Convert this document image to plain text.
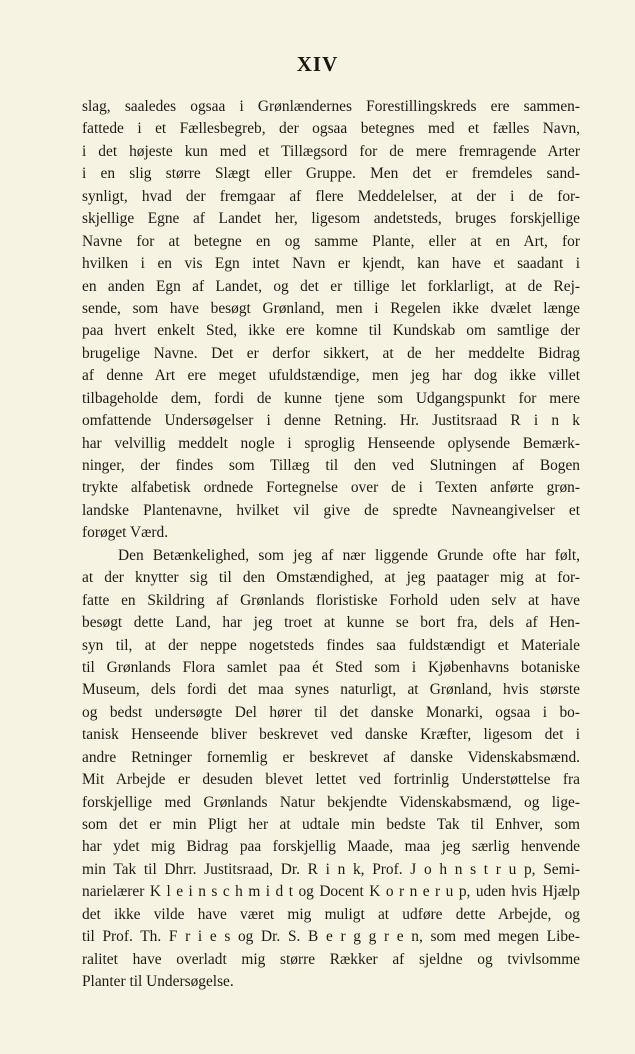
XIV
slag, saaledes ogsaa i Grønlændernes Forestillingskreds ere sammen-
fattede i et Fællesbegreb, der ogsaa betegnes med et fælles Navn,
i det højeste kun med et Tillægsord for de mere fremragende Arter
i en slig større Slægt eller Gruppe. Men det er fremdeles sand-
synligt, hvad der fremgaar af flere Meddelelser, at der i de for-
skjellige Egne af Landet her, ligesom andetsteds, bruges forskjellige
Navne for at betegne en og samme Plante, eller at en Art, for
hvilken i en vis Egn intet Navn er kjendt, kan have et saadant i
en anden Egn af Landet, og det er tillige let forklarligt, at de Rej-
sende, som have besøgt Grønland, men i Regelen ikke dvælet længe
paa hvert enkelt Sted, ikke ere komne til Kundskab om samtlige der
brugelige Navne. Det er derfor sikkert, at de her meddelte Bidrag
af denne Art ere meget ufuldstændige, men jeg har dog ikke villet
tilbageholde dem, fordi de kunne tjene som Udgangspunkt for mere
omfattende Undersøgelser i denne Retning. Hr. Justitsraad R i n k
har velvillig meddelt nogle i sproglig Henseende oplysende Bemærk-
ninger, der findes som Tillæg til den ved Slutningen af Bogen
trykte alfabetisk ordnede Fortegnelse over de i Texten anførte grøn-
landske Plantenavne, hvilket vil give de spredte Navneangivelser et
forøget Værd.
Den Betænkelighed, som jeg af nær liggende Grunde ofte har følt,
at der knytter sig til den Omstændighed, at jeg paatager mig at for-
fatte en Skildring af Grønlands floristiske Forhold uden selv at have
besøgt dette Land, har jeg troet at kunne se bort fra, dels af Hen-
syn til, at der neppe nogetsteds findes saa fuldstændigt et Materiale
til Grønlands Flora samlet paa ét Sted som i Kjøbenhavns botaniske
Museum, dels fordi det maa synes naturligt, at Grønland, hvis største
og bedst undersøgte Del hører til det danske Monarki, ogsaa i bo-
tanisk Henseende bliver beskrevet ved danske Kræfter, ligesom det i
andre Retninger fornemlig er beskrevet af danske Videnskabsmænd.
Mit Arbejde er desuden blevet lettet ved fortrinlig Understøttelse fra
forskjellige med Grønlands Natur bekjendte Videnskabsmænd, og lige-
som det er min Pligt her at udtale min bedste Tak til Enhver, som
har ydet mig Bidrag paa forskjellig Maade, maa jeg særlig henvende
min Tak til Dhrr. Justitsraad, Dr. R i n k, Prof. J o h n s t r u p, Semi-
narielærer K l e i n s c h m i d t og Docent K o r n e r u p, uden hvis Hjælp
det ikke vilde have været mig muligt at udføre dette Arbejde, og
til Prof. Th. F r i e s og Dr. S. B e r g g r e n, som med megen Libe-
ralitet have overladt mig større Rækker af sjeldne og tvivlsomme
Planter til Undersøgelse.
